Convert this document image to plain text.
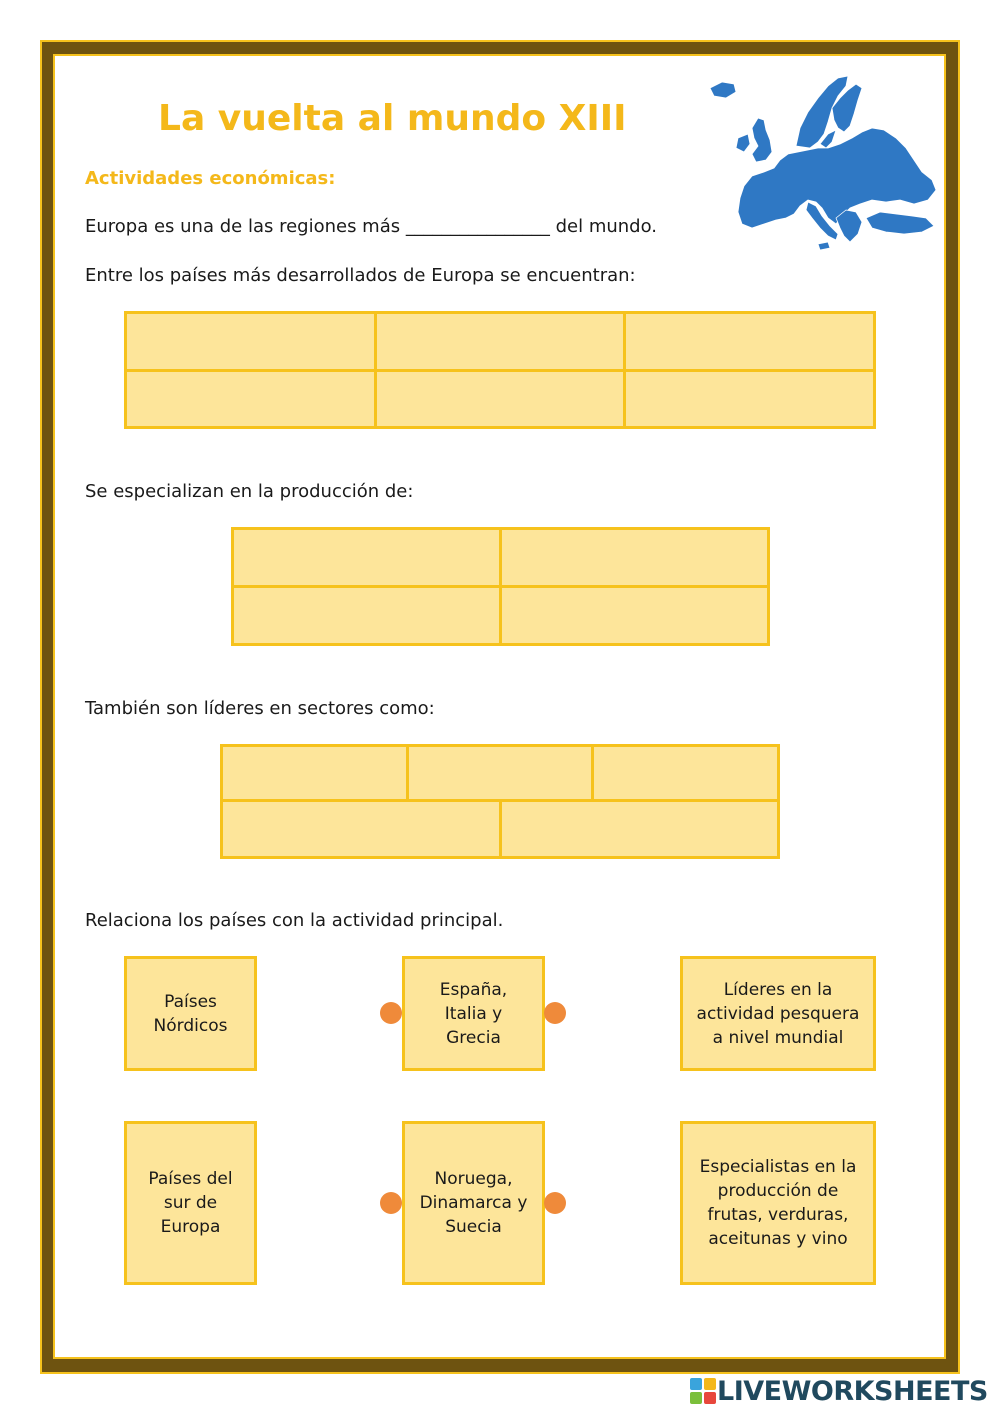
La vuelta al mundo XIII
Actividades económicas:
Europa es una de las regiones más ________________ del mundo.
Entre los países más desarrollados de Europa se encuentran:

Se especializan en la producción de:

También son líderes en sectores como:

Relaciona los países con la actividad principal.
Países
Nórdicos
España,
Italia y
Grecia
Líderes en la
actividad pesquera
a nivel mundial
Países del
sur de
Europa
Noruega,
Dinamarca y
Suecia
Especialistas en la
producción de
frutas, verduras,
aceitunas y vino
LIVEWORKSHEETS
